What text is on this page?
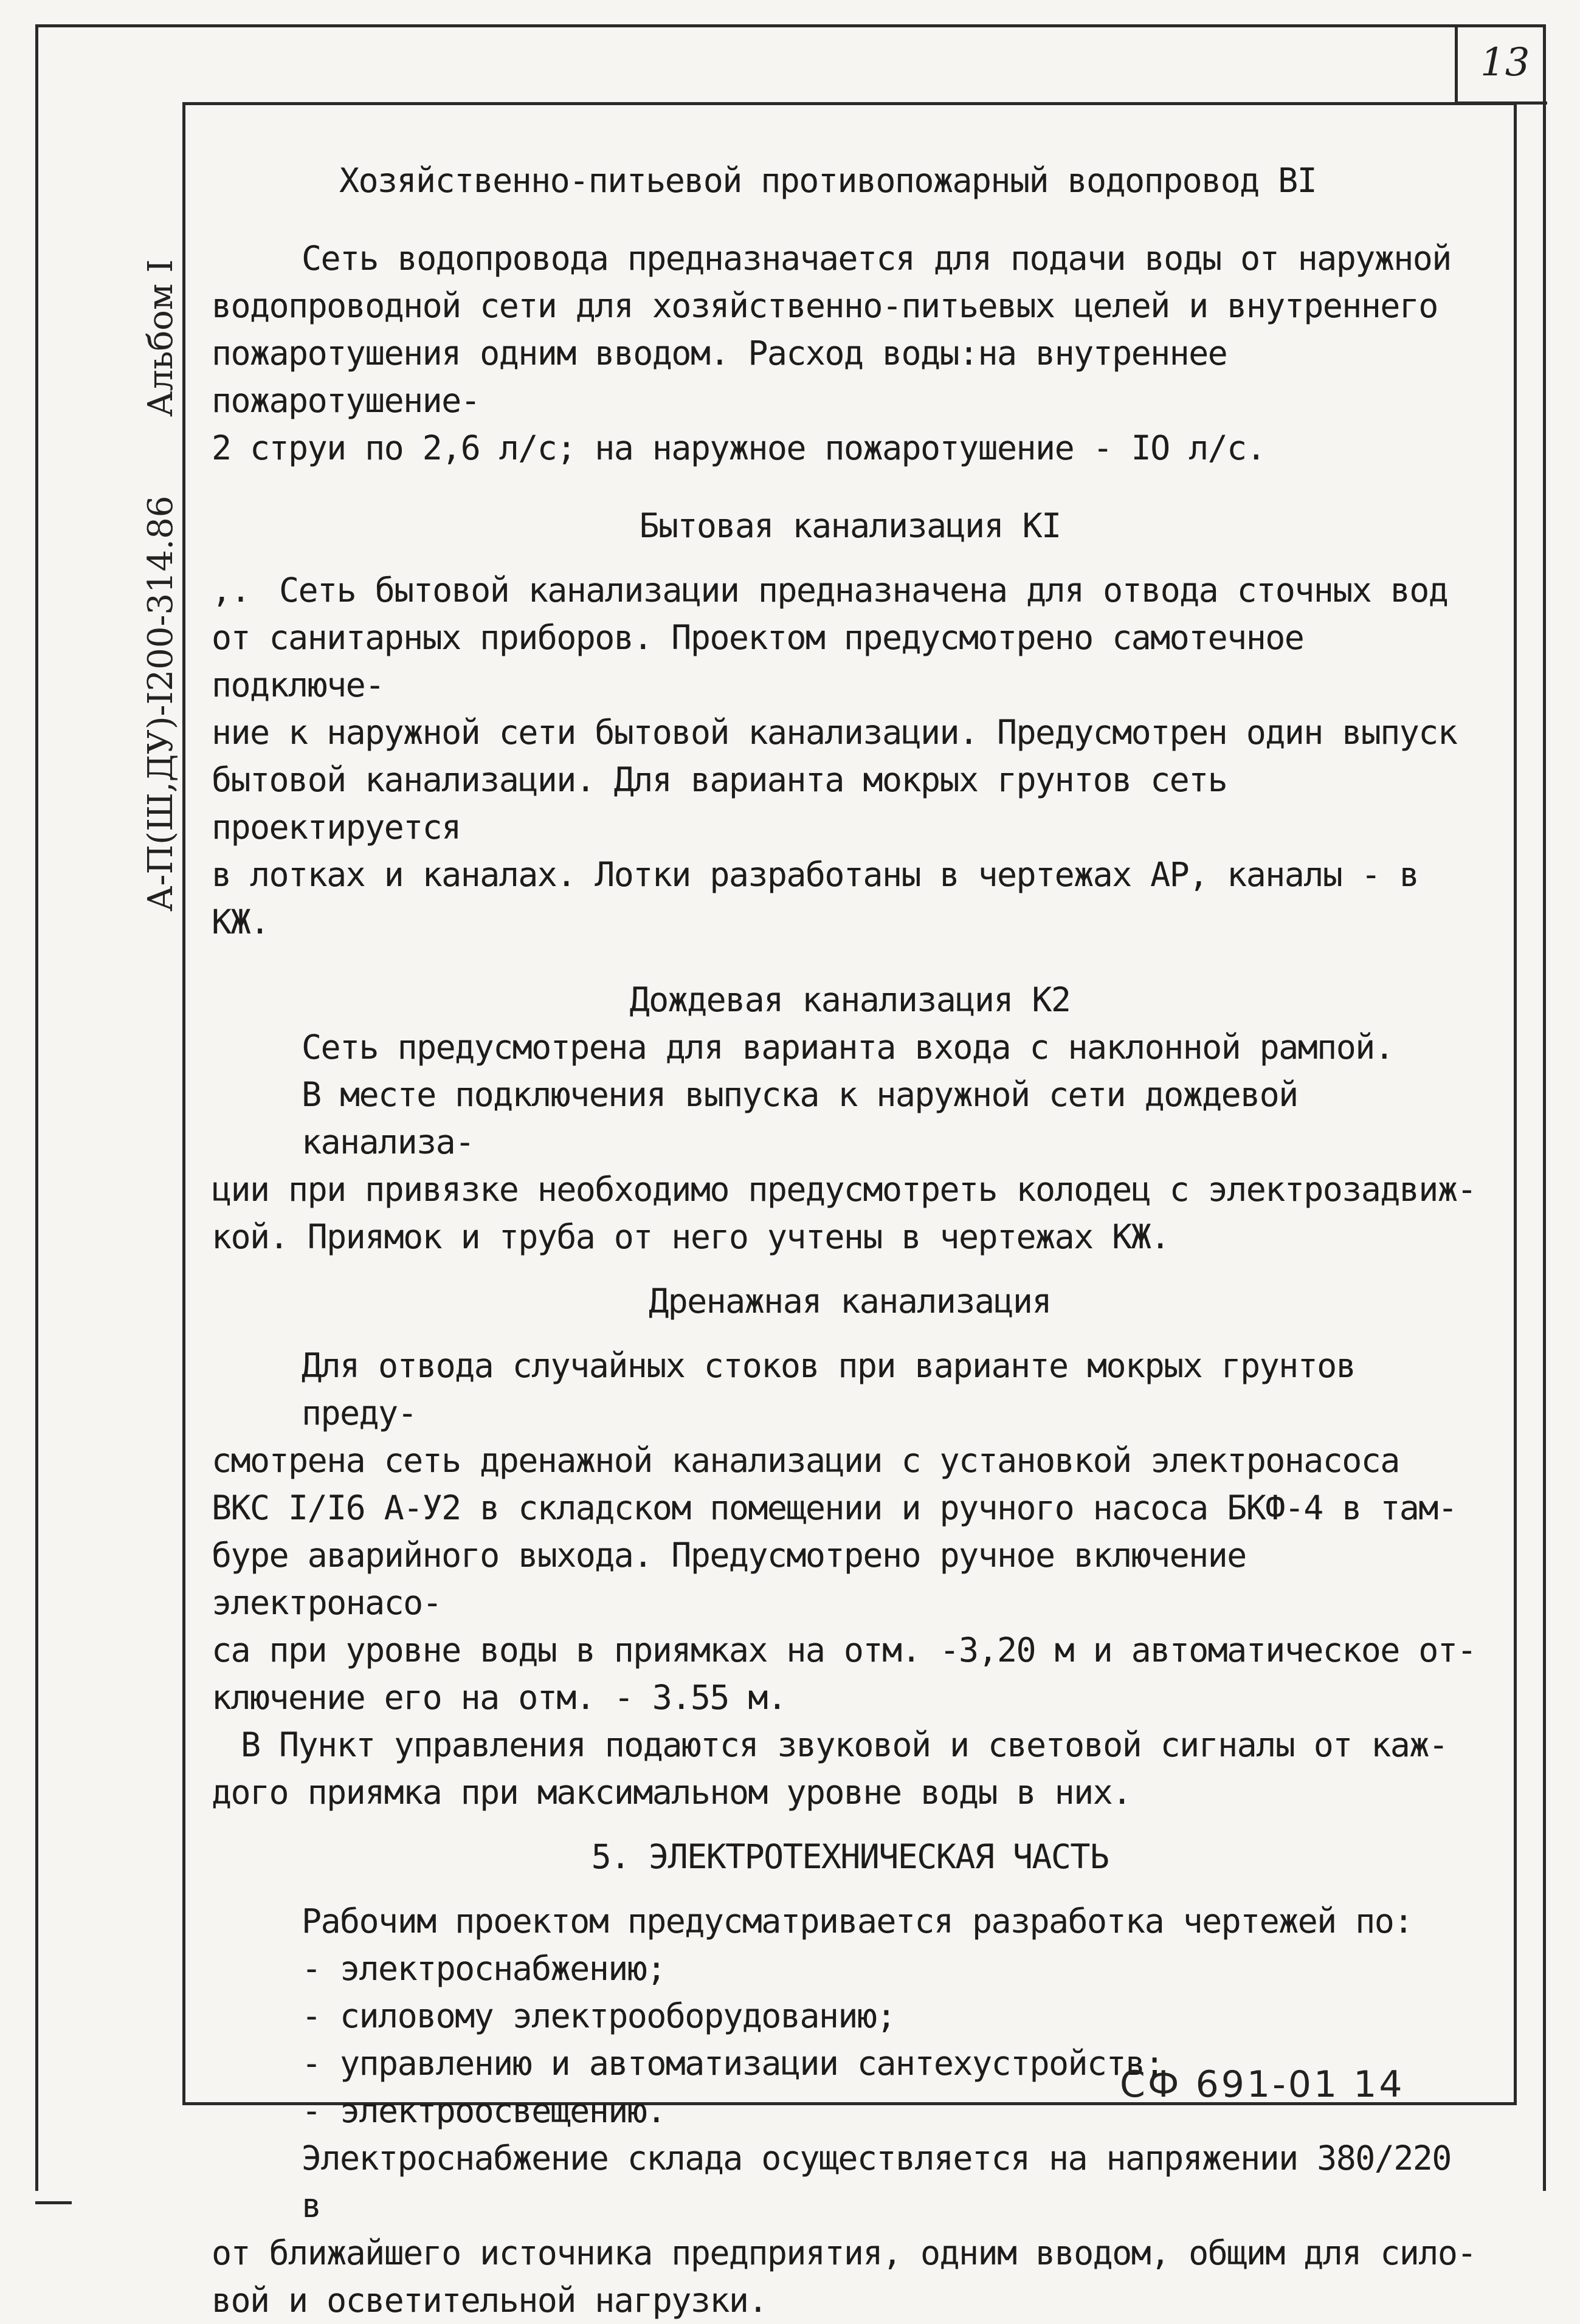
13
Альбом I
А-П(Ш,ДУ)-I200-314.86

Хозяйственно-питьевой противопожарный водопровод BI

Сеть водопровода предназначается для подачи воды от наружной

водопроводной сети для хозяйственно-питьевых целей и внутреннего

пожаротушения одним вводом. Расход воды:на внутреннее пожаротушение-

2 струи по 2,6 л/с; на наружное пожаротушение - IO л/с.

Бытовая канализация KI

,. Сеть бытовой канализации предназначена для отвода сточных вод

от санитарных приборов. Проектом предусмотрено самотечное подключе-

ние к наружной сети бытовой канализации. Предусмотрен один выпуск

бытовой канализации. Для варианта мокрых грунтов сеть проектируется

в лотках и каналах. Лотки разработаны в чертежах АР, каналы - в КЖ.

Дождевая канализация К2

Сеть предусмотрена для варианта входа с наклонной рампой.

В месте подключения выпуска к наружной сети дождевой канализа-

ции при привязке необходимо предусмотреть колодец с электрозадвиж-

кой. Приямок и труба от него учтены в чертежах КЖ.

Дренажная канализация

Для отвода случайных стоков при варианте мокрых грунтов преду-

смотрена сеть дренажной канализации с установкой электронасоса

ВКС I/I6 А-У2 в складском помещении и ручного насоса БКФ-4 в там-

буре аварийного выхода. Предусмотрено ручное включение электронасо-

са при уровне воды в приямках на отм. -3,20 м и автоматическое от-

ключение его на отм. - 3.55 м.

В Пункт управления подаются звуковой и световой сигналы от каж-

дого приямка при максимальном уровне воды в них.

5. ЭЛЕКТРОТЕХНИЧЕСКАЯ ЧАСТЬ

Рабочим проектом предусматривается разработка чертежей по:

- электроснабжению;

- силовому электрооборудованию;

- управлению и автоматизации сантехустройств;

- электроосвещению.

Электроснабжение склада осуществляется на напряжении 380/220 в

от ближайшего источника предприятия, одним вводом, общим для сило-

вой и осветительной нагрузки.

СФ 691-01 14
